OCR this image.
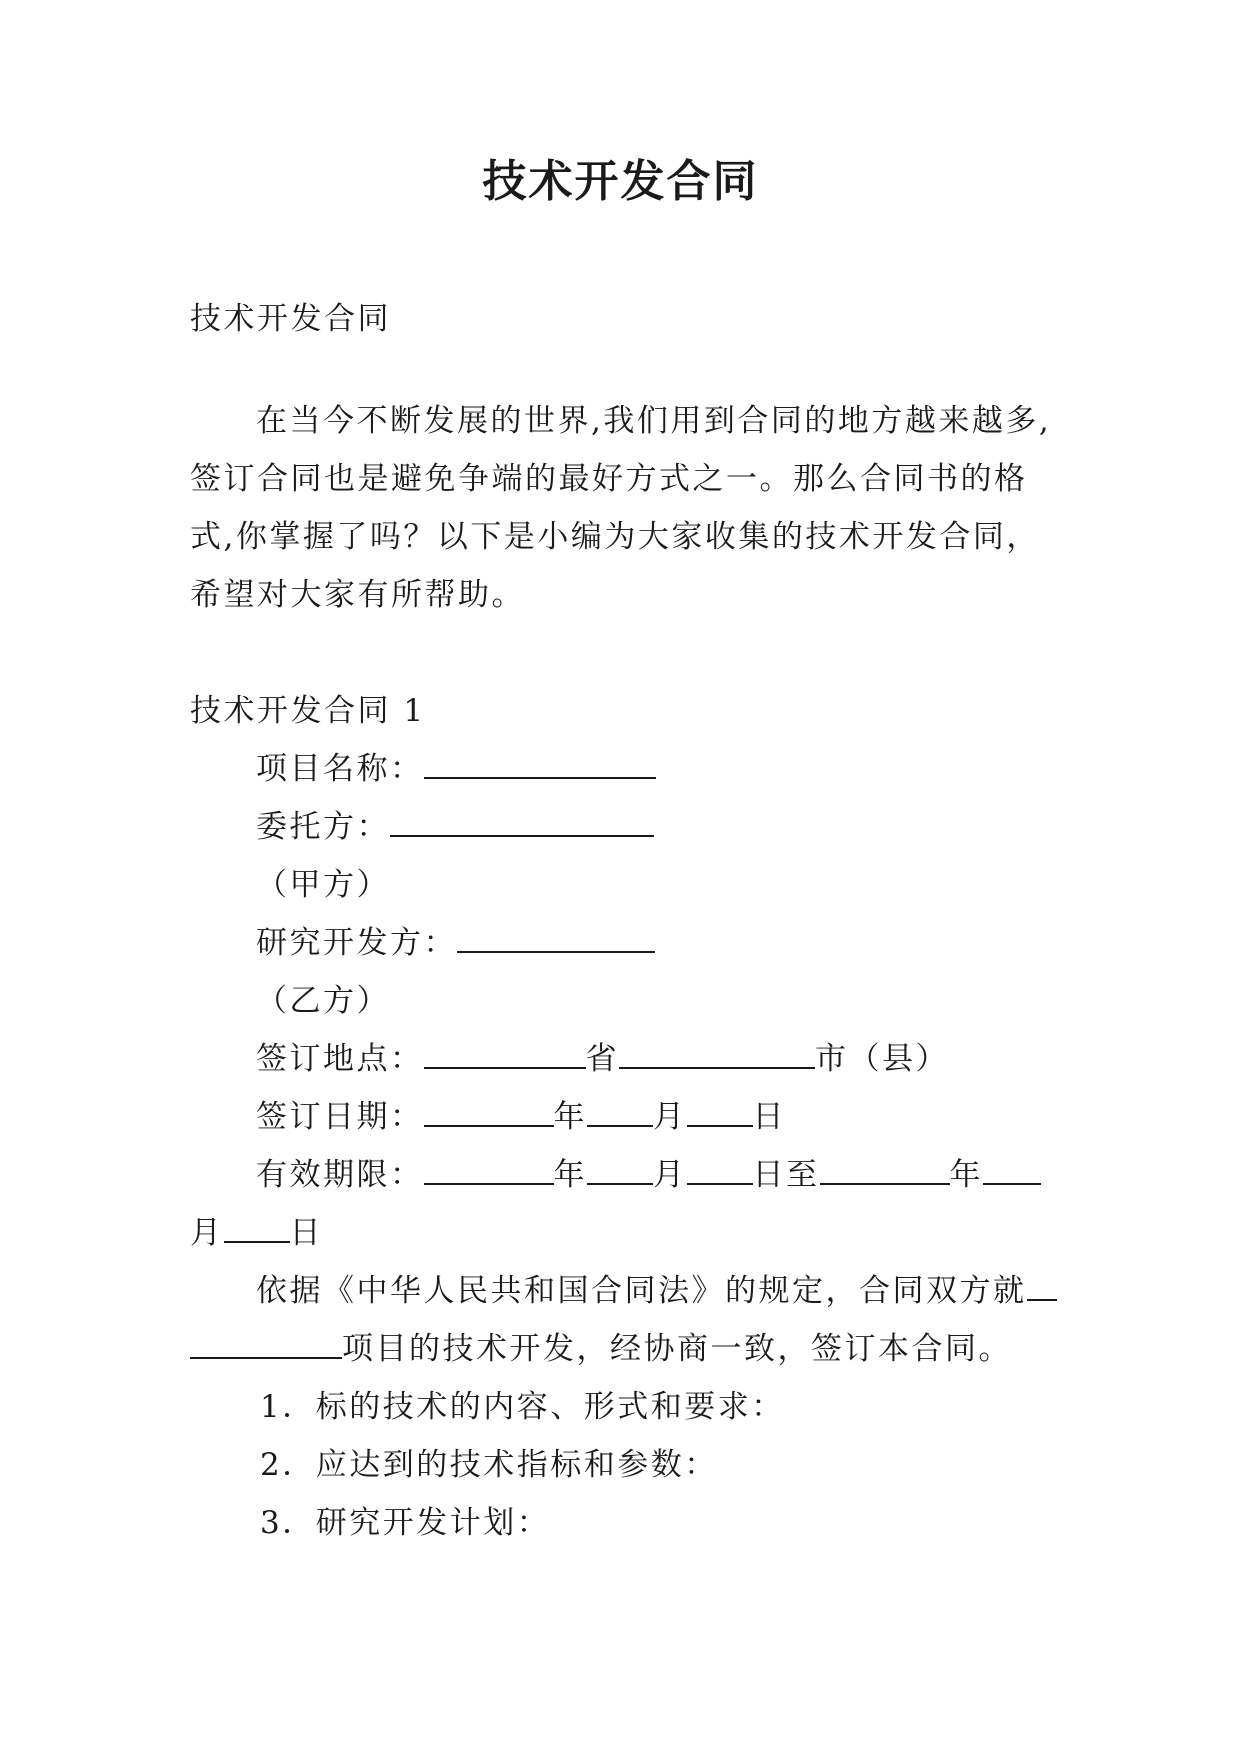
技术开发合同

技术开发合同

在当今不断发展的世界,我们用到合同的地方越来越多,签订合同也是避免争端的最好方式之一。那么合同书的格式,你掌握了吗？以下是小编为大家收集的技术开发合同，希望对大家有所帮助。

技术开发合同 1

项目名称：

委托方：

（甲方）

研究开发方：

（乙方）

签订地点：	省	市（县）

签订日期：	年 月 日

有效期限：	年 月 日至	年

月 日

依据《中华人民共和国合同法》的规定，合同双方就

项目的技术开发，经协商一致，签订本合同。

1．标的技术的内容、形式和要求：

2．应达到的技术指标和参数：

3．研究开发计划：
